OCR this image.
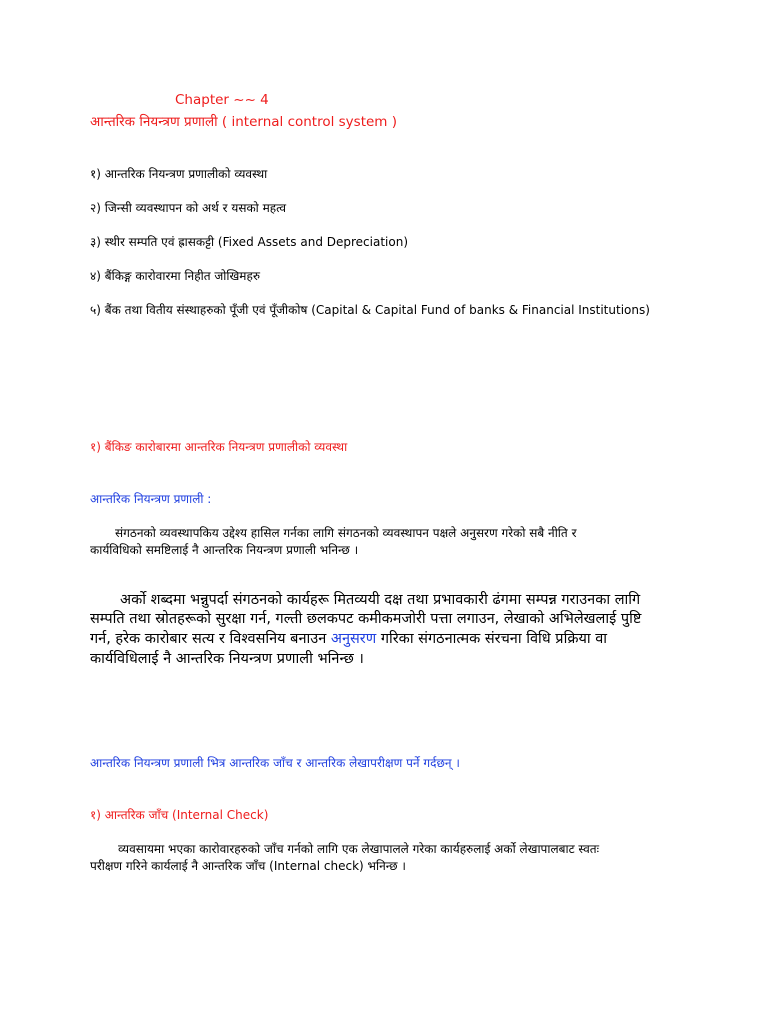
Chapter ~~ 4
आन्तरिक नियन्त्रण प्रणाली ( internal control system )
१) आन्तरिक नियन्त्रण प्रणालीको व्यवस्था
२) जिन्सी व्यवस्थापन को अर्थ र यसको महत्व
३) स्थीर सम्पति एवं ह्रासकट्टी (Fixed Assets and Depreciation)
४) बैंकिङ्ग कारोवारमा निहीत जोखिमहरु
५) बैंक तथा वितीय संस्थाहरुको पूँजी एवं पूँजीकोष (Capital & Capital Fund of banks & Financial Institutions)
१) बैंकिङ कारोबारमा आन्तरिक नियन्त्रण प्रणालीको व्यवस्था
आन्तरिक नियन्त्रण प्रणाली :
संगठनको व्यवस्थापकिय उद्देश्य हासिल गर्नका लागि संगठनको व्यवस्थापन पक्षले अनुसरण गरेको सबै नीति र
कार्यविधिको समष्टिलाई नै आन्तरिक नियन्त्रण प्रणाली भनिन्छ ।
अर्को शब्दमा भन्नुपर्दा संगठनको कार्यहरू मितव्ययी दक्ष तथा प्रभावकारी ढंगमा सम्पन्न गराउनका लागि
सम्पति तथा स्रोतहरूको सुरक्षा गर्न, गल्ती छलकपट कमीकमजोरी पत्ता लगाउन, लेखाको अभिलेखलाई पुष्टि
गर्न, हरेक कारोबार सत्य र विश्वसनिय बनाउन अनुसरण गरिका संगठनात्मक संरचना विधि प्रक्रिया वा
कार्यविधिलाई नै आन्तरिक नियन्त्रण प्रणाली भनिन्छ ।
आन्तरिक नियन्त्रण प्रणाली भित्र आन्तरिक जाँच र आन्तरिक लेखापरीक्षण पर्ने गर्दछन् ।
१) आन्तरिक जाँच (Internal Check)
व्यवसायमा भएका कारोवारहरुको जाँच गर्नको लागि एक लेखापालले गरेका कार्यहरुलाई अर्को लेखापालबाट स्वतः
परीक्षण गरिने कार्यलाई नै आन्तरिक जाँच (Internal check) भनिन्छ ।
